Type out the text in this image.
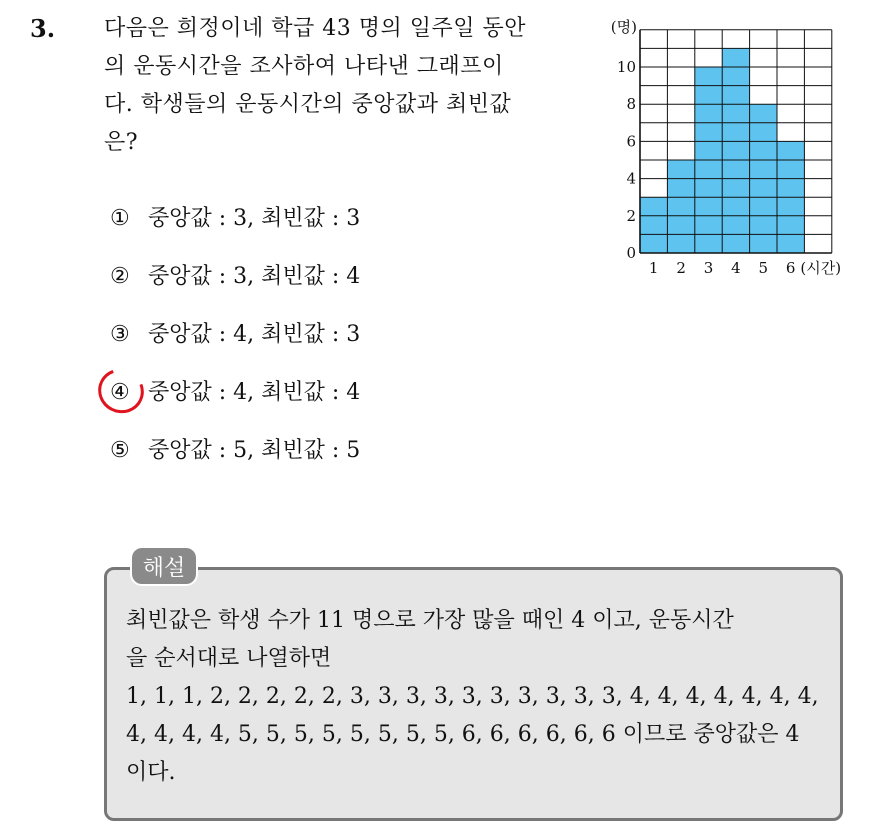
3. 다음은 희정이네 학급 43 명의 일주일 동안
의 운동시간을 조사하여 나타낸 그래프이
다. 학생들의 운동시간의 중앙값과 최빈값
은?
① 중앙값 : 3, 최빈값 : 3
② 중앙값 : 3, 최빈값 : 4
③ 중앙값 : 4, 최빈값 : 3
④ 중앙값 : 4, 최빈값 : 4
⑤ 중앙값 : 5, 최빈값 : 5
0
2
4
6
8
10
1 2 3 4 5 6
(명)
(시간)
해설
최빈값은 학생 수가 11 명으로 가장 많을 때인 4 이고, 운동시간
을 순서대로 나열하면
1, 1, 1, 2, 2, 2, 2, 2, 3, 3, 3, 3, 3, 3, 3, 3, 3, 3, 4, 4, 4, 4, 4, 4, 4,
4, 4, 4, 4, 5, 5, 5, 5, 5, 5, 5, 5, 6, 6, 6, 6, 6, 6 이므로 중앙값은 4
이다.
